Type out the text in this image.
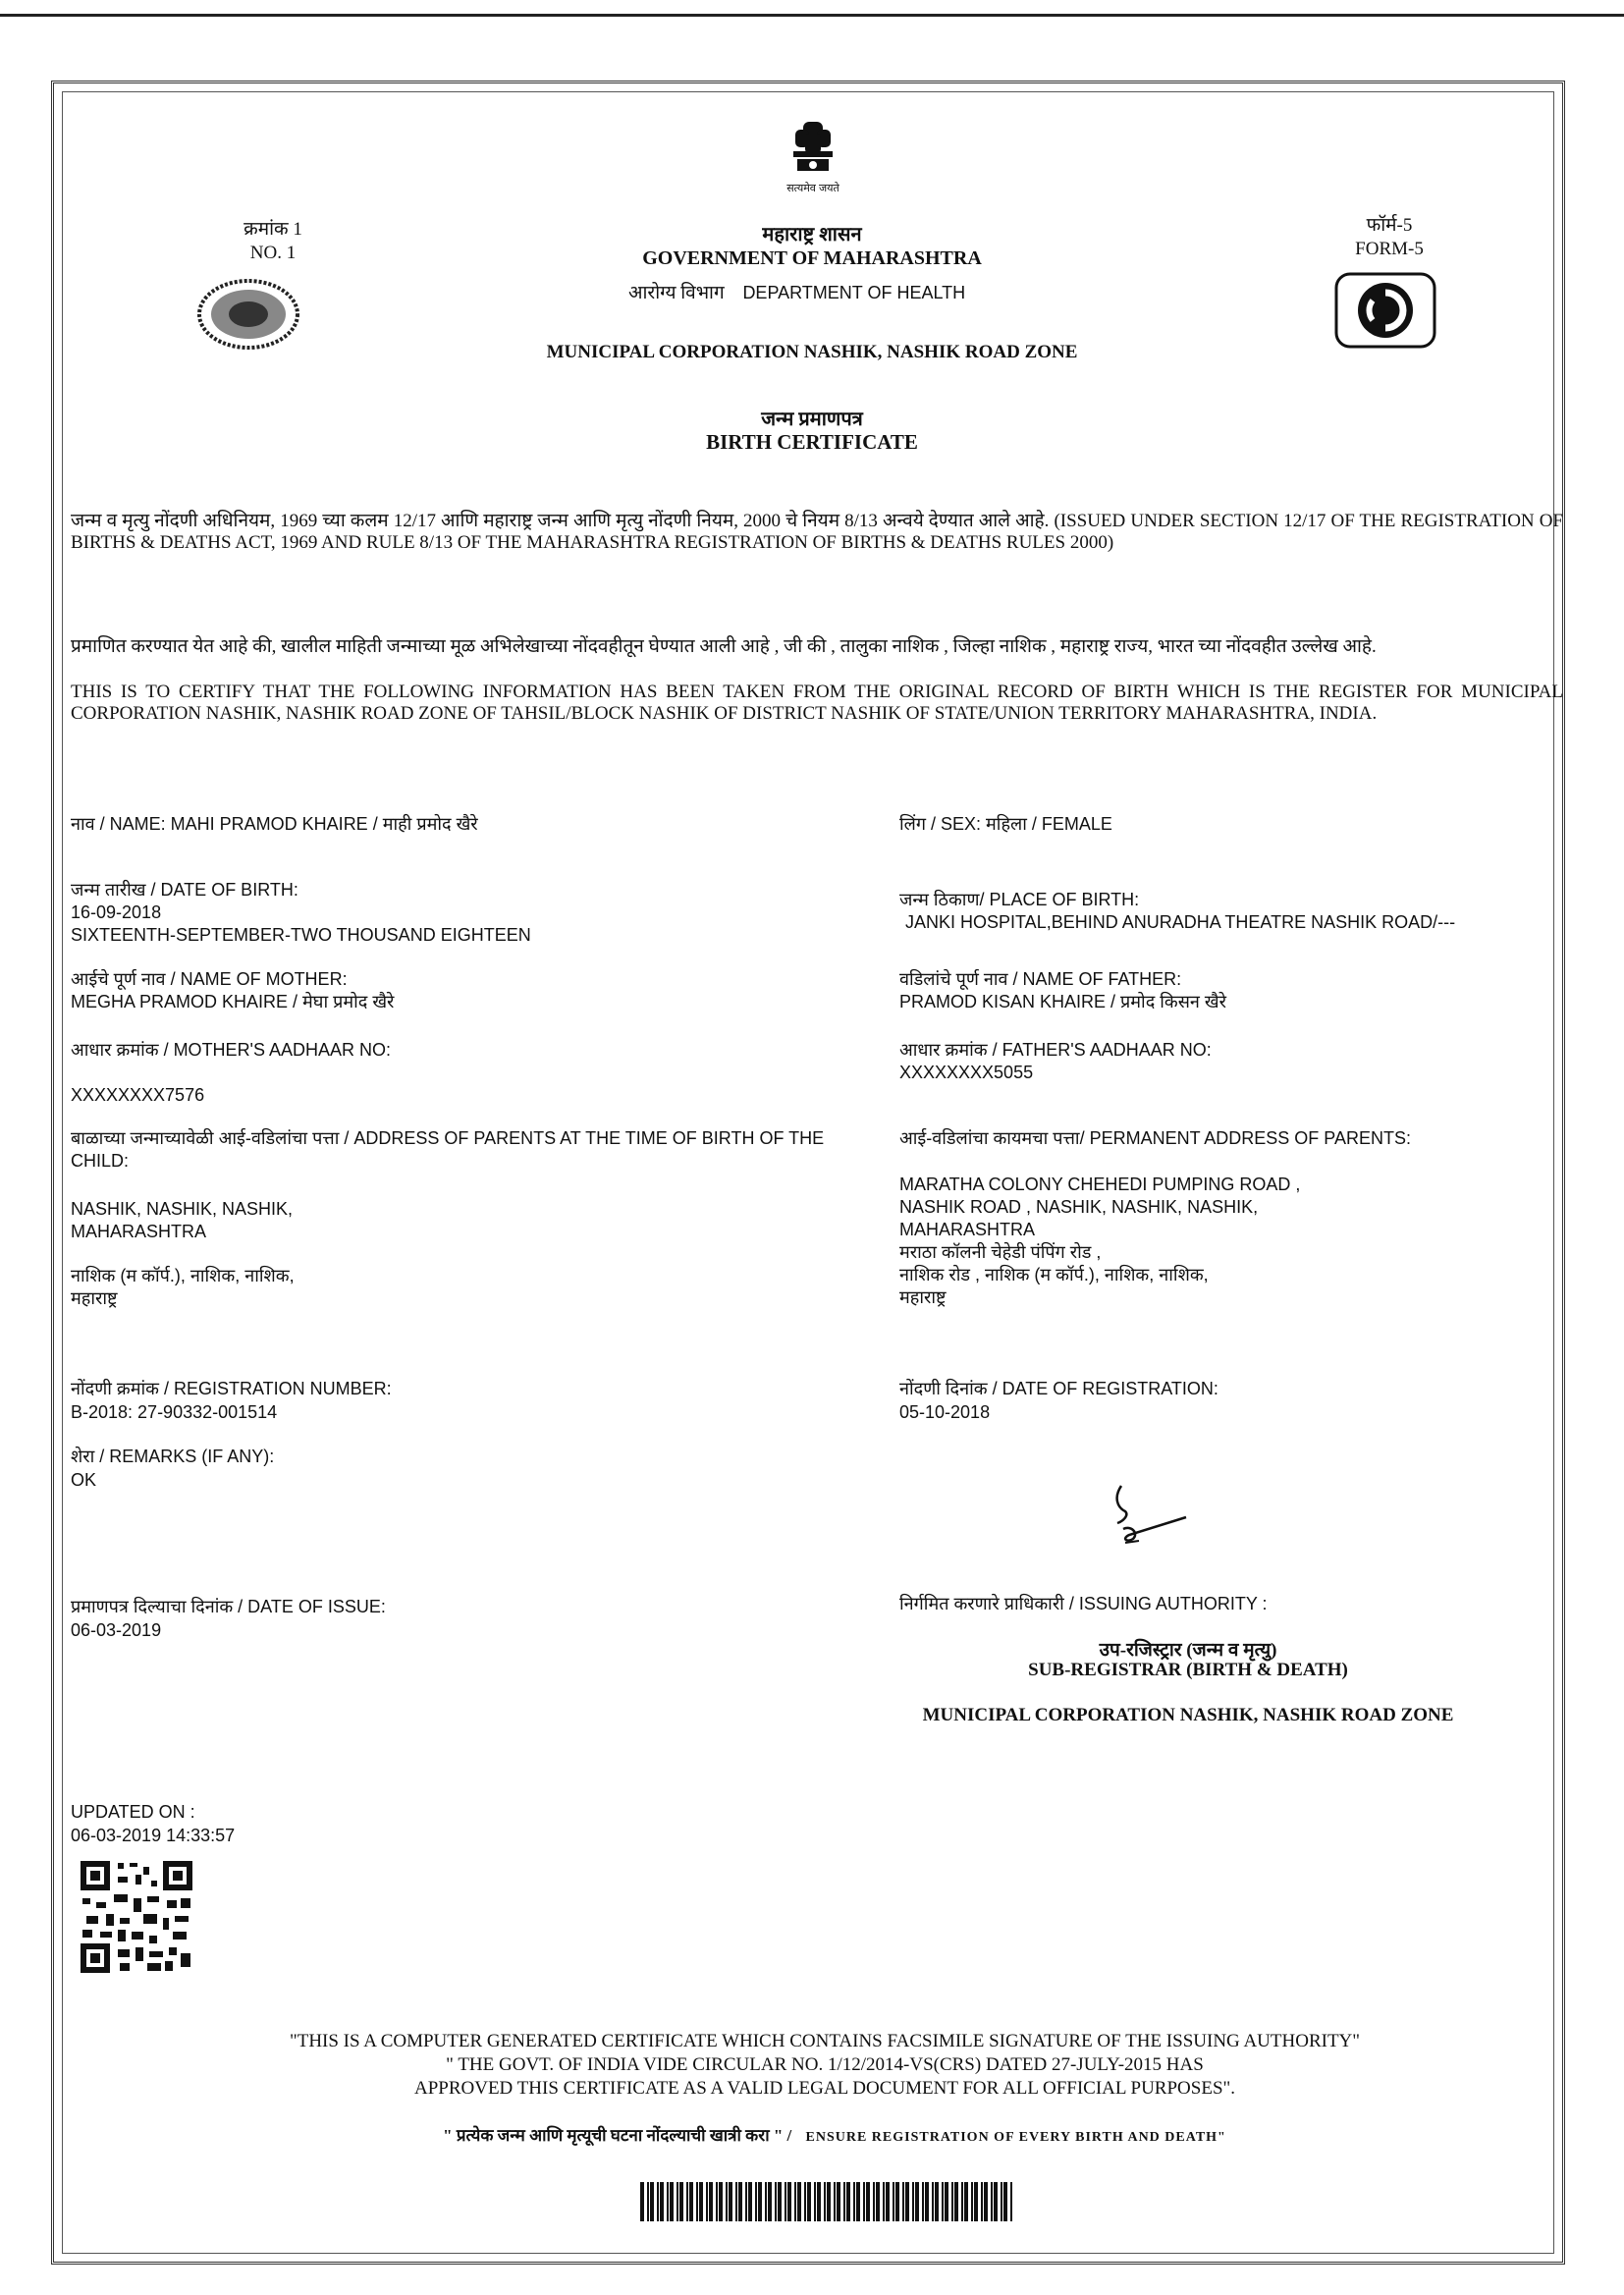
सत्यमेव जयते
क्रमांक 1
NO. 1
फॉर्म-5
FORM-5
महाराष्ट्र शासन
GOVERNMENT OF MAHARASHTRA
आरोग्य विभाग DEPARTMENT OF HEALTH
MUNICIPAL CORPORATION NASHIK, NASHIK ROAD ZONE
जन्म प्रमाणपत्र
BIRTH CERTIFICATE
जन्म व मृत्यु नोंदणी अधिनियम, 1969 च्या कलम 12/17 आणि महाराष्ट्र जन्म आणि मृत्यु नोंदणी नियम, 2000 चे नियम 8/13 अन्वये देण्यात आले आहे. (ISSUED UNDER SECTION 12/17 OF THE REGISTRATION OF BIRTHS & DEATHS ACT, 1969 AND RULE 8/13 OF THE MAHARASHTRA REGISTRATION OF BIRTHS & DEATHS RULES 2000)
प्रमाणित करण्यात येत आहे की, खालील माहिती जन्माच्या मूळ अभिलेखाच्या नोंदवहीतून घेण्यात आली आहे , जी की , तालुका नाशिक , जिल्हा नाशिक , महाराष्ट्र राज्य, भारत च्या नोंदवहीत उल्लेख आहे.
THIS IS TO CERTIFY THAT THE FOLLOWING INFORMATION HAS BEEN TAKEN FROM THE ORIGINAL RECORD OF BIRTH WHICH IS THE REGISTER FOR MUNICIPAL CORPORATION NASHIK, NASHIK ROAD ZONE OF TAHSIL/BLOCK NASHIK OF DISTRICT NASHIK OF STATE/UNION TERRITORY MAHARASHTRA, INDIA.
नाव / NAME: MAHI PRAMOD KHAIRE / माही प्रमोद खैरे
जन्म तारीख / DATE OF BIRTH:
16-09-2018
SIXTEENTH-SEPTEMBER-TWO THOUSAND EIGHTEEN
आईचे पूर्ण नाव / NAME OF MOTHER:
MEGHA PRAMOD KHAIRE / मेघा प्रमोद खैरे
आधार क्रमांक / MOTHER'S AADHAAR NO:
XXXXXXXX7576
बाळाच्या जन्माच्यावेळी आई-वडिलांचा पत्ता / ADDRESS OF PARENTS AT THE TIME OF BIRTH OF THE CHILD:
NASHIK, NASHIK, NASHIK,
MAHARASHTRA
नाशिक (म कॉर्प.), नाशिक, नाशिक,
महाराष्ट्र
नोंदणी क्रमांक / REGISTRATION NUMBER:
B-2018: 27-90332-001514
शेरा / REMARKS (IF ANY):
OK
प्रमाणपत्र दिल्याचा दिनांक / DATE OF ISSUE:
06-03-2019
UPDATED ON :
06-03-2019 14:33:57
लिंग / SEX: महिला / FEMALE
जन्म ठिकाण/ PLACE OF BIRTH:
JANKI HOSPITAL,BEHIND ANURADHA THEATRE NASHIK ROAD/---
वडिलांचे पूर्ण नाव / NAME OF FATHER:
PRAMOD KISAN KHAIRE / प्रमोद किसन खैरे
आधार क्रमांक / FATHER'S AADHAAR NO:
XXXXXXXX5055
आई-वडिलांचा कायमचा पत्ता/ PERMANENT ADDRESS OF PARENTS:
MARATHA COLONY CHEHEDI PUMPING ROAD ,
NASHIK ROAD , NASHIK, NASHIK, NASHIK,
MAHARASHTRA
मराठा कॉलनी चेहेडी पंपिंग रोड ,
नाशिक रोड , नाशिक (म कॉर्प.), नाशिक, नाशिक,
महाराष्ट्र
नोंदणी दिनांक / DATE OF REGISTRATION:
05-10-2018
निर्गमित करणारे प्राधिकारी / ISSUING AUTHORITY :
उप-रजिस्ट्रार (जन्म व मृत्यु)
SUB-REGISTRAR (BIRTH & DEATH)
MUNICIPAL CORPORATION NASHIK, NASHIK ROAD ZONE
"THIS IS A COMPUTER GENERATED CERTIFICATE WHICH CONTAINS FACSIMILE SIGNATURE OF THE ISSUING AUTHORITY"
" THE GOVT. OF INDIA VIDE CIRCULAR NO. 1/12/2014-VS(CRS) DATED 27-JULY-2015 HAS
APPROVED THIS CERTIFICATE AS A VALID LEGAL DOCUMENT FOR ALL OFFICIAL PURPOSES".
" प्रत्येक जन्म आणि मृत्यूची घटना नोंदल्याची खात्री करा " / ENSURE REGISTRATION OF EVERY BIRTH AND DEATH"
